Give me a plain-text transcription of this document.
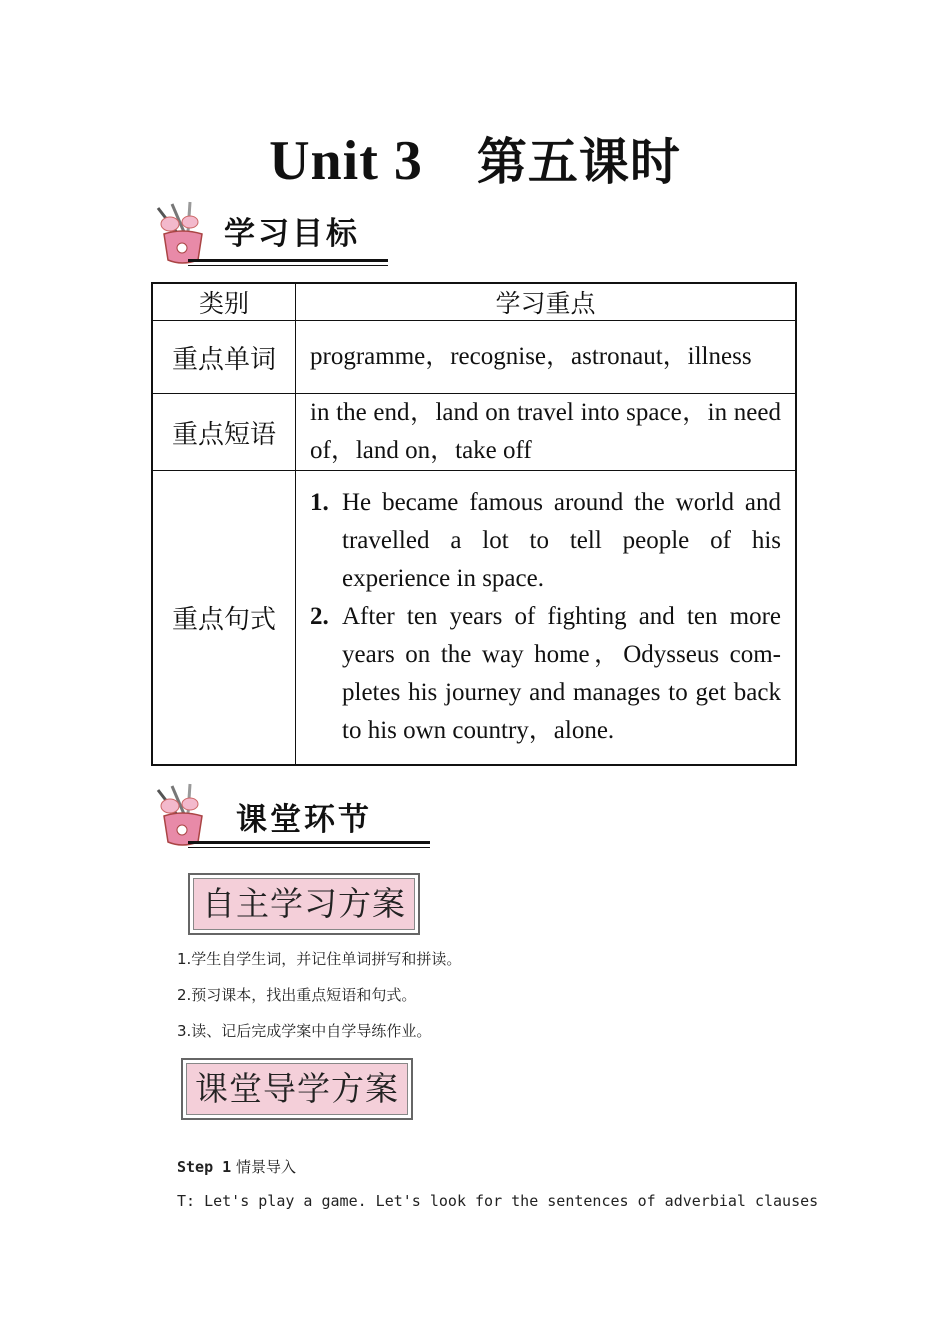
Unit 3 第五课时
学习目标
类别	学习重点
重点单词	programme，recognise，astronaut，illness
重点短语	in the end，land on travel into space，in need of，land on，take off
重点句式	1. He became famous around the world and travelled a lot to tell people of his experience in space.
2. After ten years of fighting and ten more years on the way home，Odysseus completes his journey and manages to get back to his own country，alone.
课堂环节
自主学习方案
1.学生自学生词，并记住单词拼写和拼读。
2.预习课本，找出重点短语和句式。
3.读、记后完成学案中自学导练作业。
课堂导学方案
Step 1 情景导入
T: Let's play a game. Let's look for the sentences of adverbial clauses
